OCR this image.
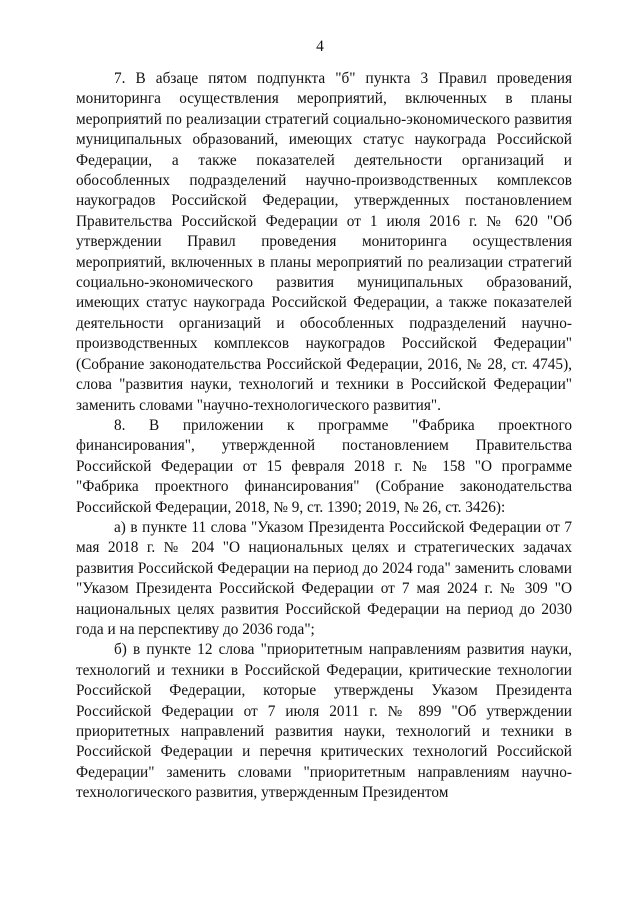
4

7. В абзаце пятом подпункта "б" пункта 3 Правил проведения мониторинга осуществления мероприятий, включенных в планы мероприятий по реализации стратегий социально-экономического развития муниципальных образований, имеющих статус наукограда Российской Федерации, а также показателей деятельности организаций и обособленных подразделений научно-производственных комплексов наукоградов Российской Федерации, утвержденных постановлением Правительства Российской Федерации от 1 июля 2016 г. № 620 "Об утверждении Правил проведения мониторинга осуществления мероприятий, включенных в планы мероприятий по реализации стратегий социально-экономического развития муниципальных образований, имеющих статус наукограда Российской Федерации, а также показателей деятельности организаций и обособленных подразделений научно-производственных комплексов наукоградов Российской Федерации" (Собрание законодательства Российской Федерации, 2016, № 28, ст. 4745), слова "развития науки, технологий и техники в Российской Федерации" заменить словами "научно-технологического развития".

8. В приложении к программе "Фабрика проектного финансирования", утвержденной постановлением Правительства Российской Федерации от 15 февраля 2018 г. № 158 "О программе "Фабрика проектного финансирования" (Собрание законодательства Российской Федерации, 2018, № 9, ст. 1390; 2019, № 26, ст. 3426):

а) в пункте 11 слова "Указом Президента Российской Федерации от 7 мая 2018 г. № 204 "О национальных целях и стратегических задачах развития Российской Федерации на период до 2024 года" заменить словами "Указом Президента Российской Федерации от 7 мая 2024 г. № 309 "О национальных целях развития Российской Федерации на период до 2030 года и на перспективу до 2036 года";

б) в пункте 12 слова "приоритетным направлениям развития науки, технологий и техники в Российской Федерации, критические технологии Российской Федерации, которые утверждены Указом Президента Российской Федерации от 7 июля 2011 г. № 899 "Об утверждении приоритетных направлений развития науки, технологий и техники в Российской Федерации и перечня критических технологий Российской Федерации" заменить словами "приоритетным направлениям научно-технологического развития, утвержденным Президентом
